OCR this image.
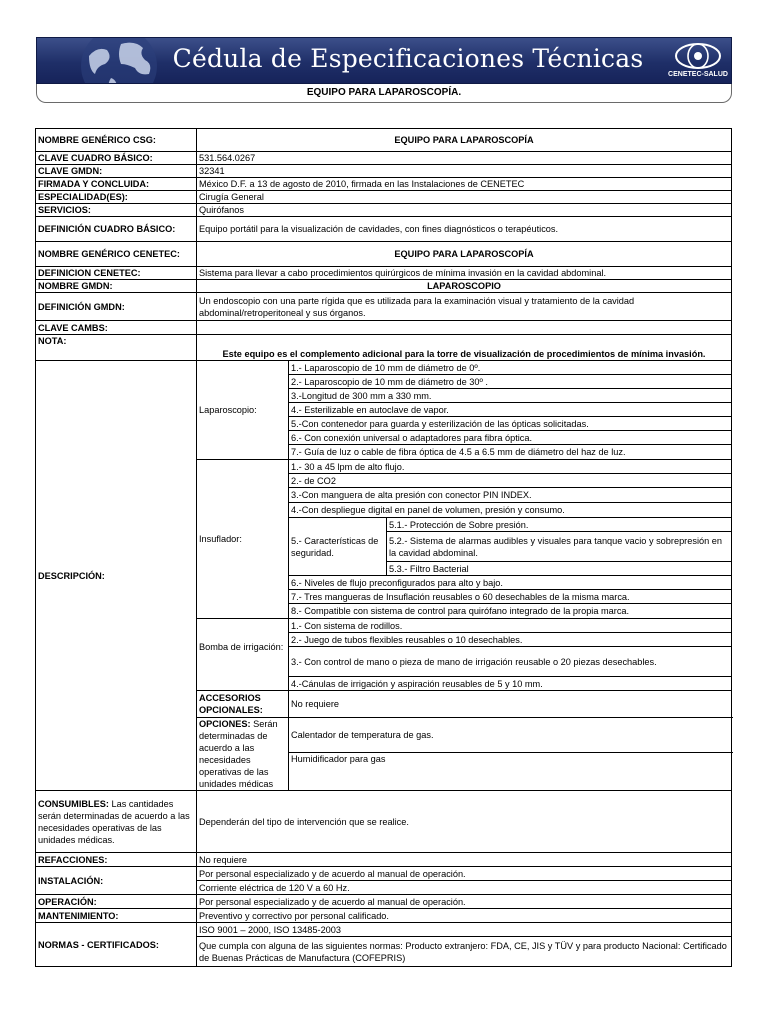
Cédula de Especificaciones Técnicas
CENETEC-SALUD
EQUIPO PARA LAPAROSCOPÍA.
NOMBRE GENÉRICO CSG:	EQUIPO PARA LAPAROSCOPÍA		
CLAVE CUADRO BÁSICO:	531.564.0267		
CLAVE GMDN:	32341		
FIRMADA Y CONCLUIDA:	México D.F. a 13 de agosto de 2010, firmada en las Instalaciones de CENETEC		
ESPECIALIDAD(ES):	Cirugía General		
SERVICIOS:	Quirófanos		
DEFINICIÓN CUADRO BÁSICO:	Equipo portátil para la visualización de cavidades, con fines diagnósticos o terapéuticos.		
NOMBRE GENÉRICO CENETEC:	EQUIPO PARA LAPAROSCOPÍA		
DEFINICION CENETEC:	Sistema para llevar a cabo procedimientos quirúrgicos de mínima invasión en la cavidad abdominal.		
NOMBRE GMDN:	LAPAROSCOPIO		
DEFINICIÓN GMDN:	Un endoscopio con una parte rígida que es utilizada para la examinación visual y tratamiento de la cavidad abdominal/retroperitoneal y sus órganos.		
CLAVE CAMBS:			
NOTA:	Este equipo es el complemento adicional para la torre de visualización de procedimientos de mínima invasión.		
DESCRIPCIÓN:	Laparoscopio:	1.- Laparoscopio de 10 mm de diámetro de 0º.	
		2.- Laparoscopio de 10 mm de diámetro de 30º .	
		3.-Longitud de 300 mm a 330 mm.	
		4.- Esterilizable en autoclave de vapor.	
		5.-Con contenedor para guarda y esterilización de las ópticas solicitadas.	
		6.- Con conexión universal o adaptadores para fibra óptica.	
		7.- Guía de luz o cable de fibra óptica de 4.5 a 6.5 mm de diámetro del haz de luz.	
	Insuflador:	1.- 30 a 45 lpm de alto flujo.	
		2.- de CO2	
		3.-Con manguera de alta presión con conector PIN INDEX.	
		4.-Con despliegue digital en panel de volumen, presión y consumo.	
		5.- Características de seguridad.	5.1.- Protección de Sobre presión.
			5.2.- Sistema de alarmas audibles y visuales para tanque vacio y sobrepresión en la cavidad abdominal.
			5.3.- Filtro Bacterial
		6.- Niveles de flujo preconfigurados para alto y bajo.	
		7.- Tres mangueras de Insuflación reusables o 60 desechables de la misma marca.	
		8.- Compatible con sistema de control para quirófano integrado de la propia marca.	
	Bomba de irrigación:	1.- Con sistema de rodillos.	
		2.- Juego de tubos flexibles reusables o 10 desechables.	
		3.- Con control de mano o pieza de mano de irrigación reusable o 20 piezas desechables.	
		4.-Cánulas de irrigación y aspiración reusables de 5 y 10 mm.	
	ACCESORIOS OPCIONALES:	No requiere	
	OPCIONES: Serán determinadas de acuerdo a las necesidades operativas de las unidades médicas	Calentador de temperatura de gas.	
		Humidificador para gas	
CONSUMIBLES: Las cantidades serán determinadas de acuerdo a las necesidades operativas de las unidades médicas.	Dependerán del tipo de intervención que se realice.		
REFACCIONES:	No requiere		
INSTALACIÓN:	Por personal especializado y de acuerdo al manual de operación.		
	Corriente eléctrica de 120 V a 60 Hz.		
OPERACIÓN:	Por personal especializado y de acuerdo al manual de operación.		
MANTENIMIENTO:	Preventivo y correctivo por personal calificado.		
NORMAS - CERTIFICADOS:	ISO 9001 – 2000, ISO 13485-2003		
	Que cumpla con alguna de las siguientes normas: Producto extranjero: FDA, CE, JIS y TÜV y para producto Nacional: Certificado de Buenas Prácticas de Manufactura (COFEPRIS)		
